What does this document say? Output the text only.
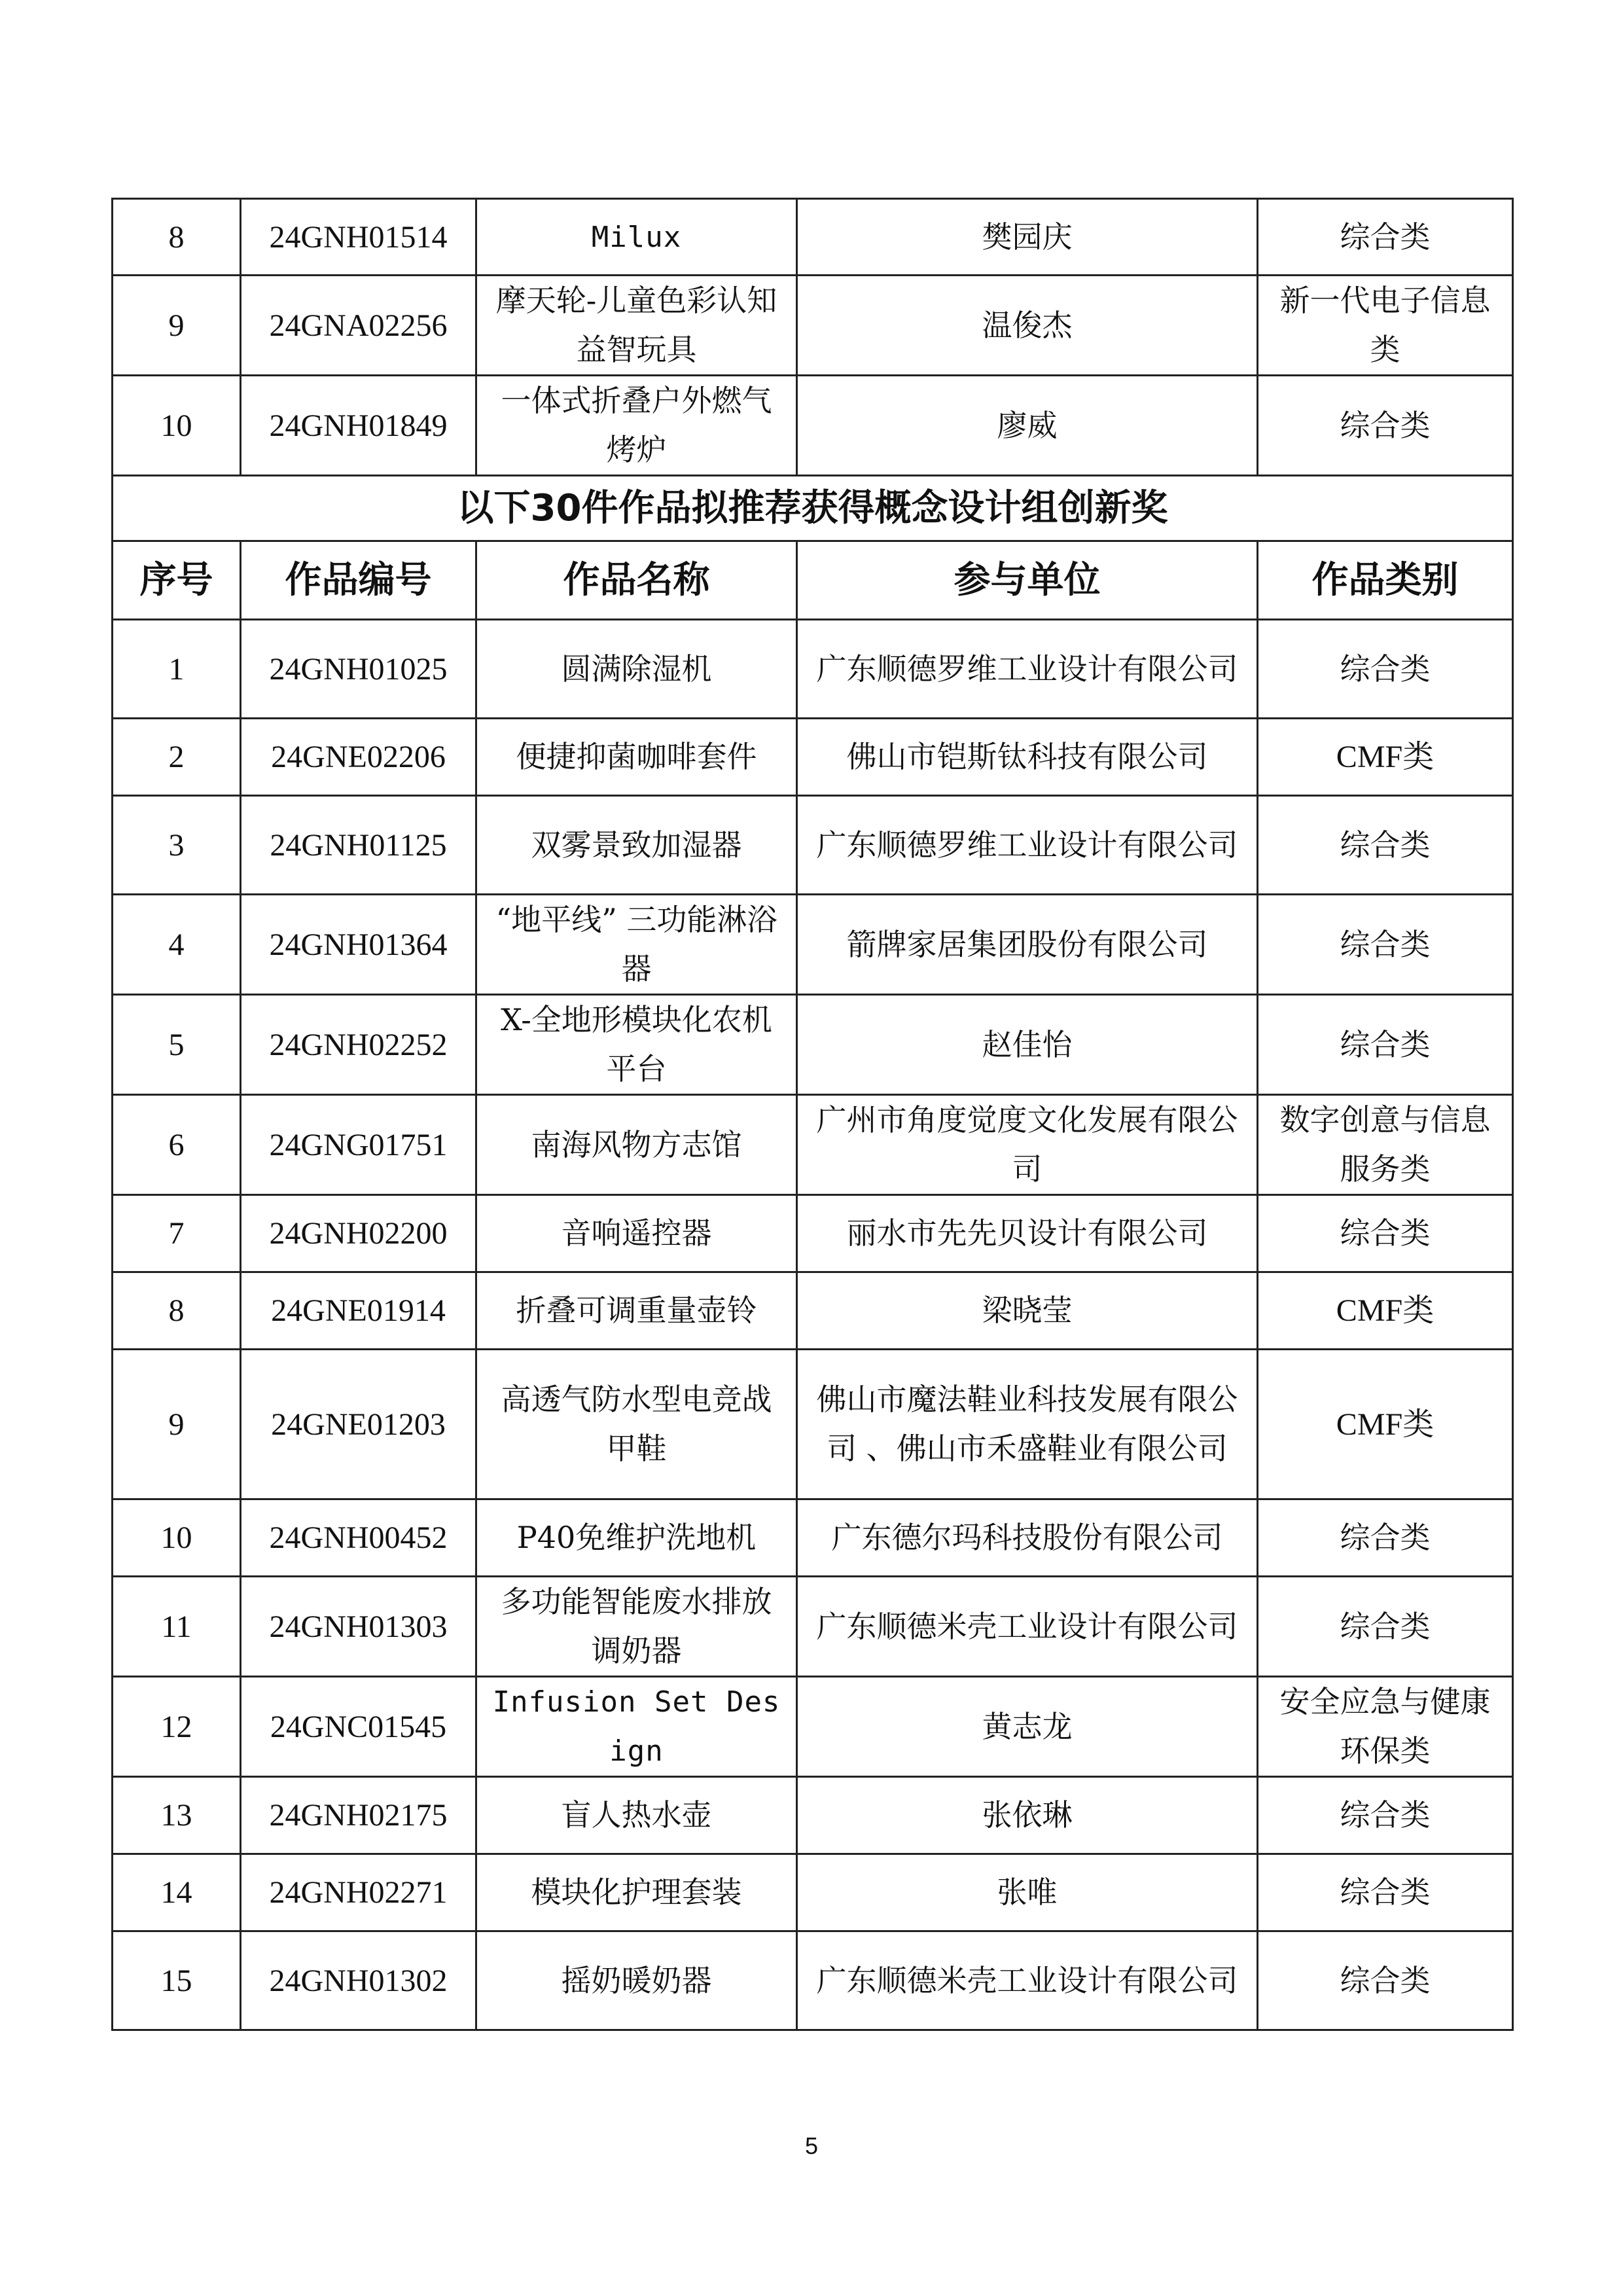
8	24GNH01514	Milux	樊园庆	综合类
9	24GNA02256	摩天轮-儿童色彩认知益智玩具	温俊杰	新一代电子信息类
10	24GNH01849	一体式折叠户外燃气烤炉	廖威	综合类
以下30件作品拟推荐获得概念设计组创新奖				
序号	作品编号	作品名称	参与单位	作品类别
1	24GNH01025	圆满除湿机	广东顺德罗维工业设计有限公司	综合类
2	24GNE02206	便捷抑菌咖啡套件	佛山市铠斯钛科技有限公司	CMF类
3	24GNH01125	双雾景致加湿器	广东顺德罗维工业设计有限公司	综合类
4	24GNH01364	“地平线” 三功能淋浴器	箭牌家居集团股份有限公司	综合类
5	24GNH02252	X-全地形模块化农机平台	赵佳怡	综合类
6	24GNG01751	南海风物方志馆	广州市角度觉度文化发展有限公司	数字创意与信息服务类
7	24GNH02200	音响遥控器	丽水市先先贝设计有限公司	综合类
8	24GNE01914	折叠可调重量壶铃	梁晓莹	CMF类
9	24GNE01203	高透气防水型电竞战甲鞋	佛山市魔法鞋业科技发展有限公司 、佛山市禾盛鞋业有限公司	CMF类
10	24GNH00452	P40免维护洗地机	广东德尔玛科技股份有限公司	综合类
11	24GNH01303	多功能智能废水排放调奶器	广东顺德米壳工业设计有限公司	综合类
12	24GNC01545	Infusion Set Design	黄志龙	安全应急与健康环保类
13	24GNH02175	盲人热水壶	张依琳	综合类
14	24GNH02271	模块化护理套装	张唯	综合类
15	24GNH01302	摇奶暖奶器	广东顺德米壳工业设计有限公司	综合类
5
